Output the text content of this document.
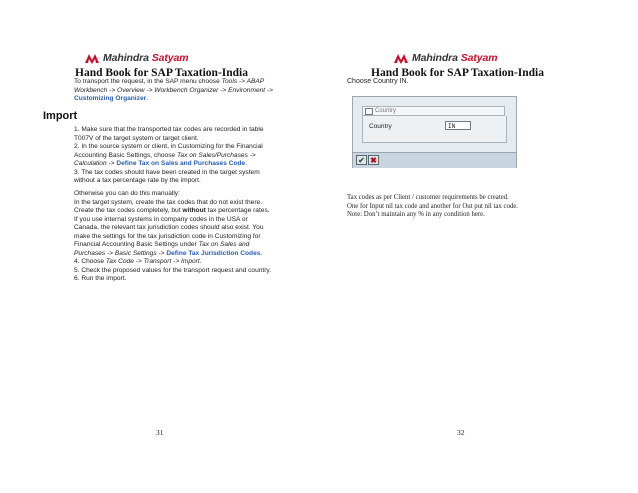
Mahindra Satyam
Hand Book for SAP Taxation-India
To transport the request, in the SAP menu choose Tools -> ABAP Workbench -> Overview -> Workbench Organizer -> Environment -> Customizing Organizer.
Import
1. Make sure that the transported tax codes are recorded in table T007V of the target system or target client.
2. In the source system or client, in Customizing for the Financial Accounting Basic Settings, choose Tax on Sales/Purchases -> Calculation -> Define Tax on Sales and Purchases Code.
3. The tax codes should have been created in the target system without a tax percentage rate by the import.
Otherwise you can do this manually:
In the target system, create the tax codes that do not exist there. Create the tax codes completely, but without tax percentage rates.
If you use internal systems in company codes in the USA or Canada, the relevant tax jurisdiction codes should also exist. You make the settings for the tax jurisdiction code in Customizing for Financial Accounting Basic Settings under Tax on Sales and Purchases -> Basic Settings -> Define Tax Jurisdiction Codes.
4. Choose Tax Code -> Transport -> Import.
5. Check the proposed values for the transport request and country.
6. Run the import.
31
Mahindra Satyam
Hand Book for SAP Taxation-India
Choose Country IN.
Country
Country	IN
✔ ✖
Tax codes as per Client / customer requirements be created.
One for Input nil tax code and another for Out put nil tax code.
Note: Don’t maintain any % in any condition here.
32
